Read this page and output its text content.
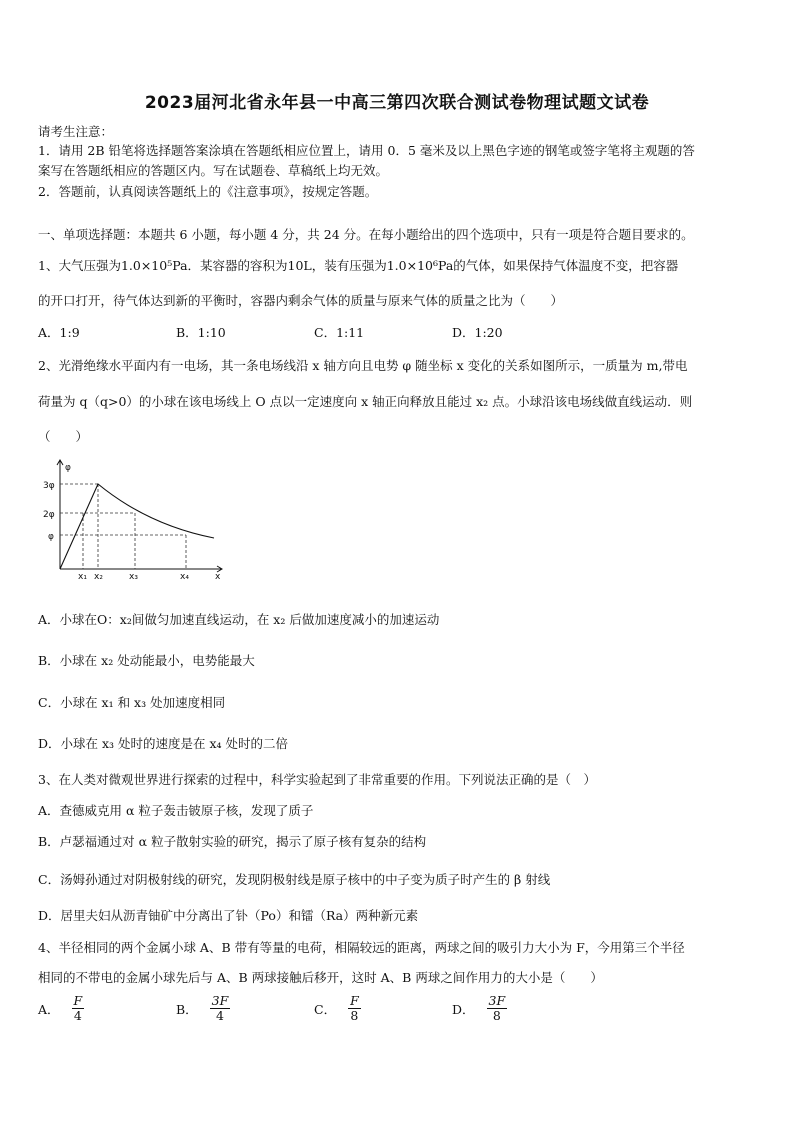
2023届河北省永年县一中高三第四次联合测试卷物理试题文试卷
请考生注意：
1．请用 2B 铅笔将选择题答案涂填在答题纸相应位置上，请用 0．5 毫米及以上黑色字迹的钢笔或签字笔将主观题的答
案写在答题纸相应的答题区内。写在试题卷、草稿纸上均无效。
2．答题前，认真阅读答题纸上的《注意事项》，按规定答题。
一、单项选择题：本题共 6 小题，每小题 4 分，共 24 分。在每小题给出的四个选项中，只有一项是符合题目要求的。
1、大气压强为1.0×10⁵Pa．某容器的容积为10L，装有压强为1.0×10⁶Pa的气体，如果保持气体温度不变，把容器
的开口打开，待气体达到新的平衡时，容器内剩余气体的质量与原来气体的质量之比为（　　）
A．1:9	B．1:10	C．1:11	D．1:20
2、光滑绝缘水平面内有一电场，其一条电场线沿 x 轴方向且电势 φ 随坐标 x 变化的关系如图所示，一质量为 m,带电
荷量为 q（q>0）的小球在该电场线上 O 点以一定速度向 x 轴正向释放且能过 x₂ 点。小球沿该电场线做直线运动．则
（　　）
φ
x
3φ
2φ
φ
x₁ x₂	x₃	x₄
A．小球在O：x₂间做匀加速直线运动，在 x₂ 后做加速度减小的加速运动
B．小球在 x₂ 处动能最小，电势能最大
C．小球在 x₁ 和 x₃ 处加速度相同
D．小球在 x₃ 处时的速度是在 x₄ 处时的二倍
3、在人类对微观世界进行探索的过程中，科学实验起到了非常重要的作用。下列说法正确的是（　）
A．查德威克用 α 粒子轰击铍原子核，发现了质子
B．卢瑟福通过对 α 粒子散射实验的研究，揭示了原子核有复杂的结构
C．汤姆孙通过对阴极射线的研究，发现阴极射线是原子核中的中子变为质子时产生的 β 射线
D．居里夫妇从沥青铀矿中分离出了钋（Po）和镭（Ra）两种新元素
4、半径相同的两个金属小球 A、B 带有等量的电荷，相隔较远的距离，两球之间的吸引力大小为 F，今用第三个半径
相同的不带电的金属小球先后与 A、B 两球接触后移开，这时 A、B 两球之间作用力的大小是（　　）
A． $\frac{F}{4}$	B． $\frac{3F}{4}$	C． $\frac{F}{8}$	D． $\frac{3F}{8}$
